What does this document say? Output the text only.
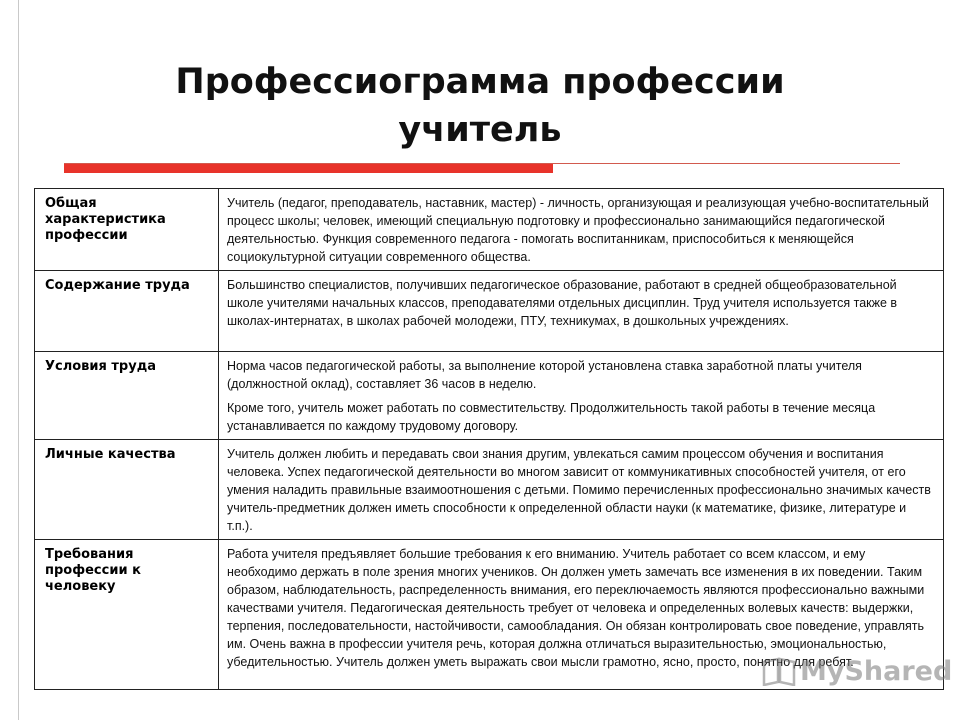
Профессиограмма профессии
учитель
Общая характеристика профессии	Учитель (педагог, преподаватель, наставник, мастер) - личность, организующая и реализующая учебно-воспитательный процесс школы; человек, имеющий специальную подготовку и профессионально занимающийся педагогической деятельностью. Функция современного педагога - помогать воспитанникам, приспособиться к меняющейся социокультурной ситуации современного общества.

Содержание труда	Большинство специалистов, получивших педагогическое образование, работают в средней общеобразовательной школе учителями начальных классов, преподавателями отдельных дисциплин. Труд учителя используется также в школах-интернатах, в школах рабочей молодежи, ПТУ, техникумах, в дошкольных учреждениях.

Условия труда	Норма часов педагогической работы, за выполнение которой установлена ставка заработной платы учителя (должностной оклад), составляет 36 часов в неделю.

Кроме того, учитель может работать по совместительству. Продолжительность такой работы в течение месяца устанавливается по каждому трудовому договору.

Личные качества	Учитель должен любить и передавать свои знания другим, увлекаться самим процессом обучения и воспитания человека. Успех педагогической деятельности во многом зависит от коммуникативных способностей учителя, от его умения наладить правильные взаимоотношения с детьми. Помимо перечисленных профессионально значимых качеств учитель-предметник должен иметь способности к определенной области науки (к математике, физике, литературе и т.п.).

Требования профессии к человеку	Работа учителя предъявляет большие требования к его вниманию. Учитель работает со всем классом, и ему необходимо держать в поле зрения многих учеников. Он должен уметь замечать все изменения в их поведении. Таким образом, наблюдательность, распределенность внимания, его переключаемость являются профессионально важными качествами учителя. Педагогическая деятельность требует от человека и определенных волевых качеств: выдержки, терпения, последовательности, настойчивости, самообладания. Он обязан контролировать свое поведение, управлять им. Очень важна в профессии учителя речь, которая должна отличаться выразительностью, эмоциональностью, убедительностью. Учитель должен уметь выражать свои мысли грамотно, ясно, просто, понятно для ребят.

MyShared
